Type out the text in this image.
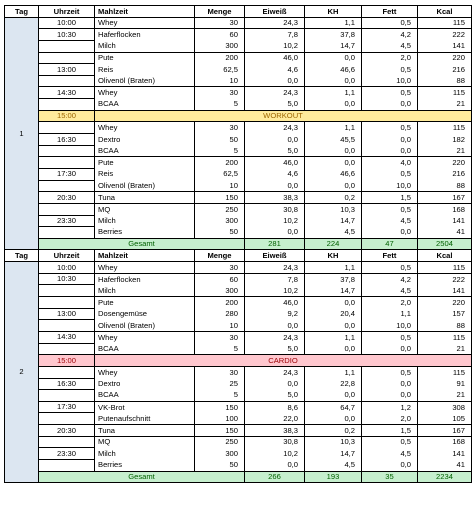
Tag	Uhrzeit	Mahlzeit	Menge	Eiweiß	KH	Fett	Kcal
1	10:00	Whey	30	24,3	1,1	0,5	115
	10:30	Haferflocken	60	7,8	37,8	4,2	222
		Milch	300	10,2	14,7	4,5	141
		Pute	200	46,0	0,0	2,0	220
	13:00	Reis	62,5	4,6	46,6	0,5	216
		Olivenöl (Braten)	10	0,0	0,0	10,0	88
	14:30	Whey	30	24,3	1,1	0,5	115
		BCAA	5	5,0	0,0	0,0	21
	15:00	WORKOUT					
		Whey	30	24,3	1,1	0,5	115
	16:30	Dextro	50	0,0	45,5	0,0	182
		BCAA	5	5,0	0,0	0,0	21
		Pute	200	46,0	0,0	4,0	220
	17:30	Reis	62,5	4,6	46,6	0,5	216
		Olivenöl (Braten)	10	0,0	0,0	10,0	88
	20:30	Tuna	150	38,3	0,2	1,5	167
		MQ	250	30,8	10,3	0,5	168
	23:30	Milch	300	10,2	14,7	4,5	141
		Berries	50	0,0	4,5	0,0	41
	Gesamt			281	224	47	2504
Tag	Uhrzeit	Mahlzeit	Menge	Eiweiß	KH	Fett	Kcal
2	10:00	Whey	30	24,3	1,1	0,5	115
	10:30	Haferflocken	60	7,8	37,8	4,2	222
		Milch	300	10,2	14,7	4,5	141
		Pute	200	46,0	0,0	2,0	220
	13:00	Dosengemüse	280	9,2	20,4	1,1	157
		Olivenöl (Braten)	10	0,0	0,0	10,0	88
	14:30	Whey	30	24,3	1,1	0,5	115
		BCAA	5	5,0	0,0	0,0	21
	15:00	CARDIO					
		Whey	30	24,3	1,1	0,5	115
	16:30	Dextro	25	0,0	22,8	0,0	91
		BCAA	5	5,0	0,0	0,0	21
	17:30	VK-Brot	150	8,6	64,7	1,2	308
		Putenaufschnitt	100	22,0	0,0	2,0	105
	20:30	Tuna	150	38,3	0,2	1,5	167
		MQ	250	30,8	10,3	0,5	168
	23:30	Milch	300	10,2	14,7	4,5	141
		Berries	50	0,0	4,5	0,0	41
	Gesamt			266	193	35	2234
